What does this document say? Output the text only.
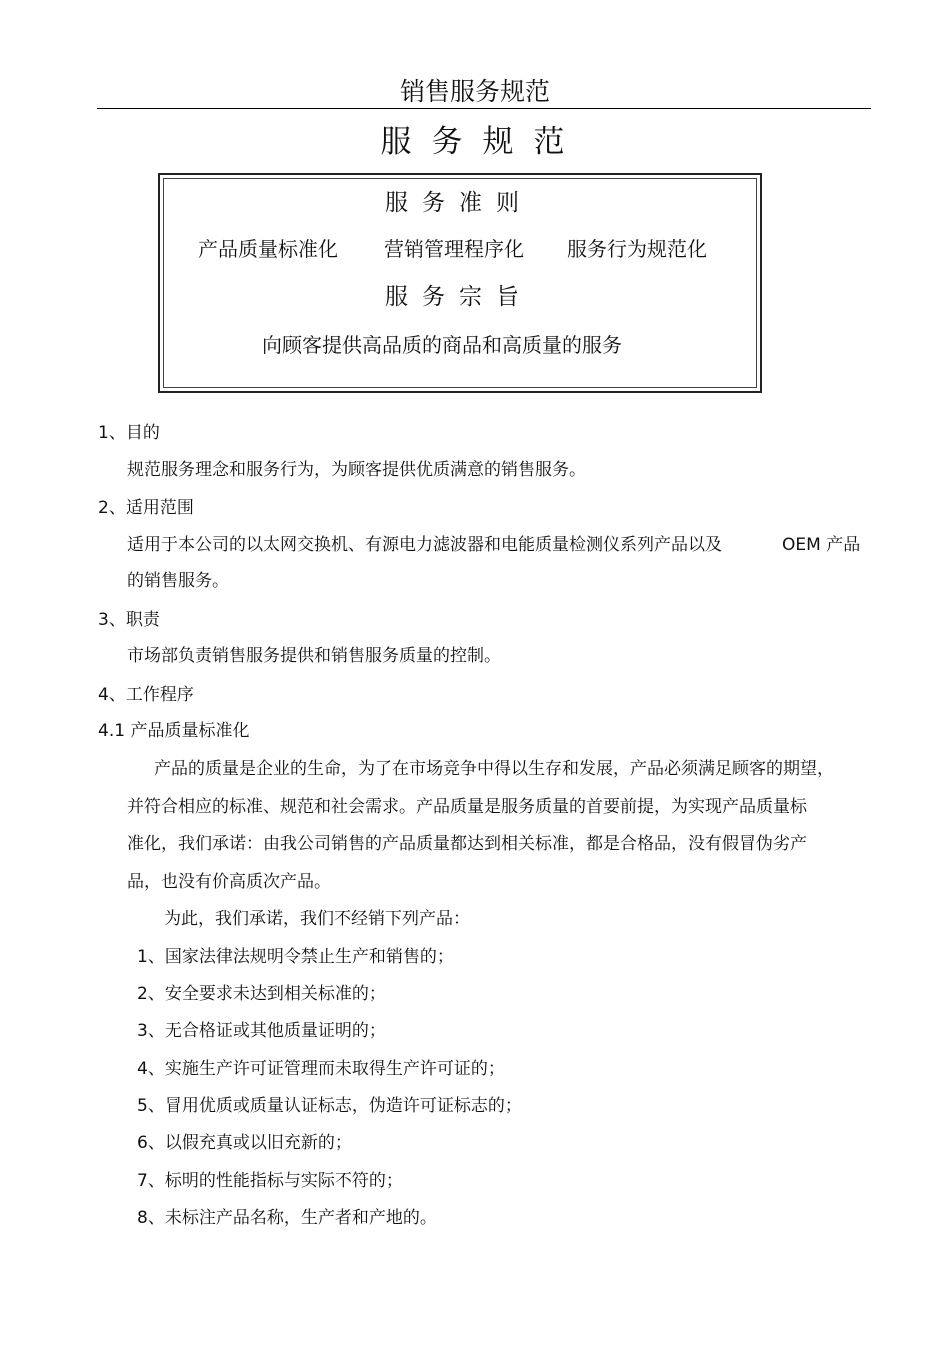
销售服务规范
服务规范
服务准则
产品质量标准化 营销管理程序化 服务行为规范化
服务宗旨
向顾客提供高品质的商品和高质量的服务
1、目的
规范服务理念和服务行为，为顾客提供优质满意的销售服务。
2、适用范围
适用于本公司的以太网交换机、有源电力滤波器和电能质量检测仪系列产品以及	OEM 产品
的销售服务。
3、职责
市场部负责销售服务提供和销售服务质量的控制。
4、工作程序
4.1 产品质量标准化
产品的质量是企业的生命，为了在市场竞争中得以生存和发展，产品必须满足顾客的期望，
并符合相应的标准、规范和社会需求。产品质量是服务质量的首要前提，为实现产品质量标
准化，我们承诺：由我公司销售的产品质量都达到相关标准，都是合格品，没有假冒伪劣产
品，也没有价高质次产品。
为此，我们承诺，我们不经销下列产品：
1、国家法律法规明令禁止生产和销售的；
2、安全要求未达到相关标准的；
3、无合格证或其他质量证明的；
4、实施生产许可证管理而未取得生产许可证的；
5、冒用优质或质量认证标志，伪造许可证标志的；
6、以假充真或以旧充新的；
7、标明的性能指标与实际不符的；
8、未标注产品名称，生产者和产地的。
